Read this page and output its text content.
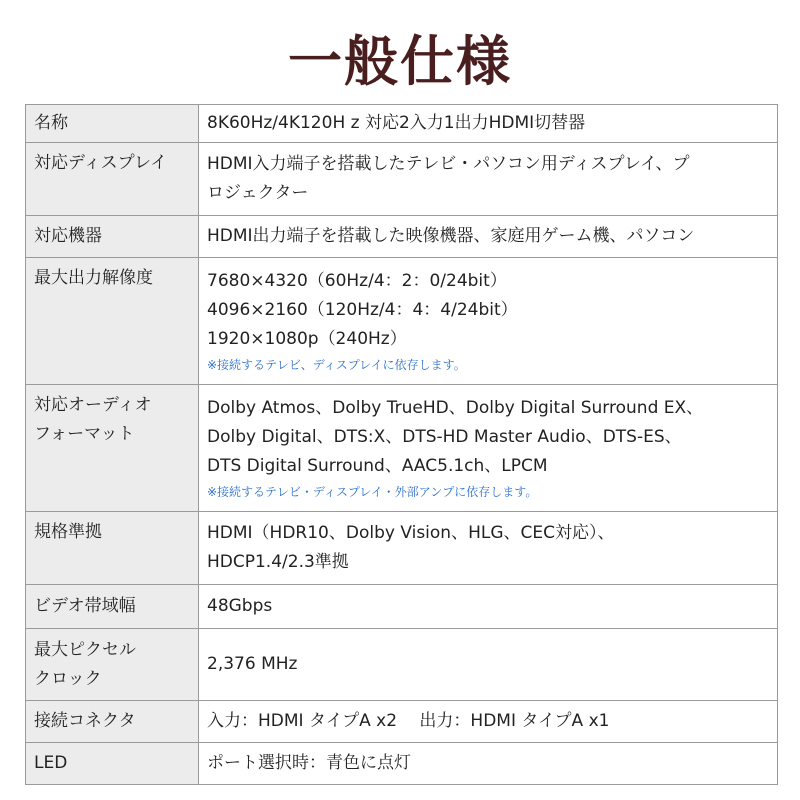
一般仕様
名称	8K60Hz/4K120H z 対応2入力1出力HDMI切替器
対応ディスプレイ	HDMI入力端子を搭載したテレビ・パソコン用ディスプレイ、プ
ロジェクター

対応機器	HDMI出力端子を搭載した映像機器、家庭用ゲーム機、パソコン
最大出力解像度	7680×4320（60Hz/4：2：0/24bit）
4096×2160（120Hz/4：4：4/24bit）
1920×1080p（240Hz）
※接続するテレビ、ディスプレイに依存します。

対応オーディオ
フォーマット	Dolby Atmos、Dolby TrueHD、Dolby Digital Surround EX、
Dolby Digital、DTS:X、DTS-HD Master Audio、DTS-ES、
DTS Digital Surround、AAC5.1ch、LPCM
※接続するテレビ・ディスプレイ・外部アンプに依存します。

規格準拠	HDMI（HDR10、Dolby Vision、HLG、CEC対応）、
HDCP1.4/2.3準拠

ビデオ帯域幅	48Gbps

最大ピクセル
クロック	2,376 MHz
接続コネクタ	入力：HDMI タイプA x2　 出力：HDMI タイプA x1
LED	ポート選択時：青色に点灯
